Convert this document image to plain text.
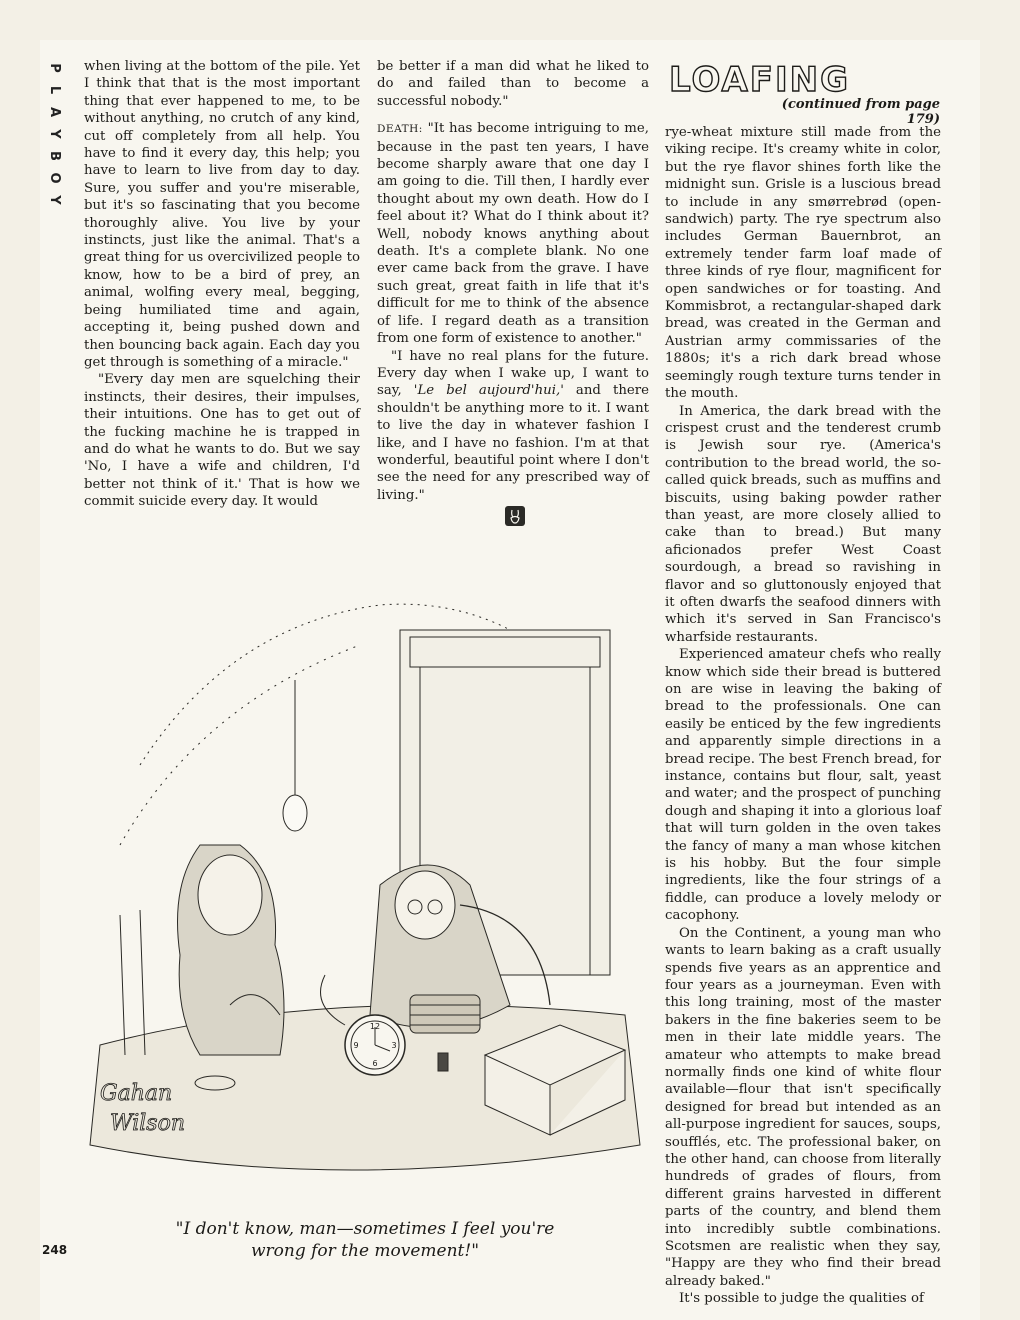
P
L
A
Y
B
O
Y

when living at the bottom of the pile. Yet I think that that is the most important thing that ever happened to me, to be without anything, no crutch of any kind, cut off completely from all help. You have to find it every day, this help; you have to learn to live from day to day. Sure, you suffer and you're miserable, but it's so fascinating that you become thoroughly alive. You live by your instincts, just like the animal. That's a great thing for us overcivilized people to know, how to be a bird of prey, an animal, wolfing every meal, begging, being humiliated time and again, accepting it, being pushed down and then bouncing back again. Each day you get through is something of a miracle."

"Every day men are squelching their instincts, their desires, their impulses, their intuitions. One has to get out of the fucking machine he is trapped in and do what he wants to do. But we say 'No, I have a wife and children, I'd better not think of it.' That is how we commit suicide every day. It would

be better if a man did what he liked to do and failed than to become a successful nobody."

DEATH: "It has become intriguing to me, because in the past ten years, I have become sharply aware that one day I am going to die. Till then, I hardly ever thought about my own death. How do I feel about it? What do I think about it? Well, nobody knows anything about death. It's a complete blank. No one ever came back from the grave. I have such great, great faith in life that it's difficult for me to think of the absence of life. I regard death as a transition from one form of existence to another."

"I have no real plans for the future. Every day when I wake up, I want to say, 'Le bel aujourd'hui,' and there shouldn't be anything more to it. I want to live the day in whatever fashion I like, and I have no fashion. I'm at that wonderful, beautiful point where I don't see the need for any prescribed way of living."

LOAFING
(continued from page 179)

rye-wheat mixture still made from the viking recipe. It's creamy white in color, but the rye flavor shines forth like the midnight sun. Grisle is a luscious bread to include in any smørrebrød (open-sandwich) party. The rye spectrum also includes German Bauernbrot, an extremely tender farm loaf made of three kinds of rye flour, magnificent for open sandwiches or for toasting. And Kommisbrot, a rectangular-shaped dark bread, was created in the German and Austrian army commissaries of the 1880s; it's a rich dark bread whose seemingly rough texture turns tender in the mouth.

In America, the dark bread with the crispest crust and the tenderest crumb is Jewish sour rye. (America's contribution to the bread world, the so-called quick breads, such as muffins and biscuits, using baking powder rather than yeast, are more closely allied to cake than to bread.) But many aficionados prefer West Coast sourdough, a bread so ravishing in flavor and so gluttonously enjoyed that it often dwarfs the seafood dinners with which it's served in San Francisco's wharfside restaurants.

Experienced amateur chefs who really know which side their bread is buttered on are wise in leaving the baking of bread to the professionals. One can easily be enticed by the few ingredients and apparently simple directions in a bread recipe. The best French bread, for instance, contains but flour, salt, yeast and water; and the prospect of punching dough and shaping it into a glorious loaf that will turn golden in the oven takes the fancy of many a man whose kitchen is his hobby. But the four simple ingredients, like the four strings of a fiddle, can produce a lovely melody or cacophony.

On the Continent, a young man who wants to learn baking as a craft usually spends five years as an apprentice and four years as a journeyman. Even with this long training, most of the master bakers in the fine bakeries seem to be men in their late middle years. The amateur who attempts to make bread normally finds one kind of white flour available—flour that isn't specifically designed for bread but intended as an all-purpose ingredient for sauces, soups, soufflés, etc. The professional baker, on the other hand, can choose from literally hundreds of grades of flours, from different grains harvested in different parts of the country, and blend them into incredibly subtle combinations. Scotsmen are realistic when they say, "Happy are they who find their bread already baked."

It's possible to judge the qualities of

12
3
6
9
Gahan
Wilson
"I don't know, man—sometimes I feel you're wrong for the movement!"
248
